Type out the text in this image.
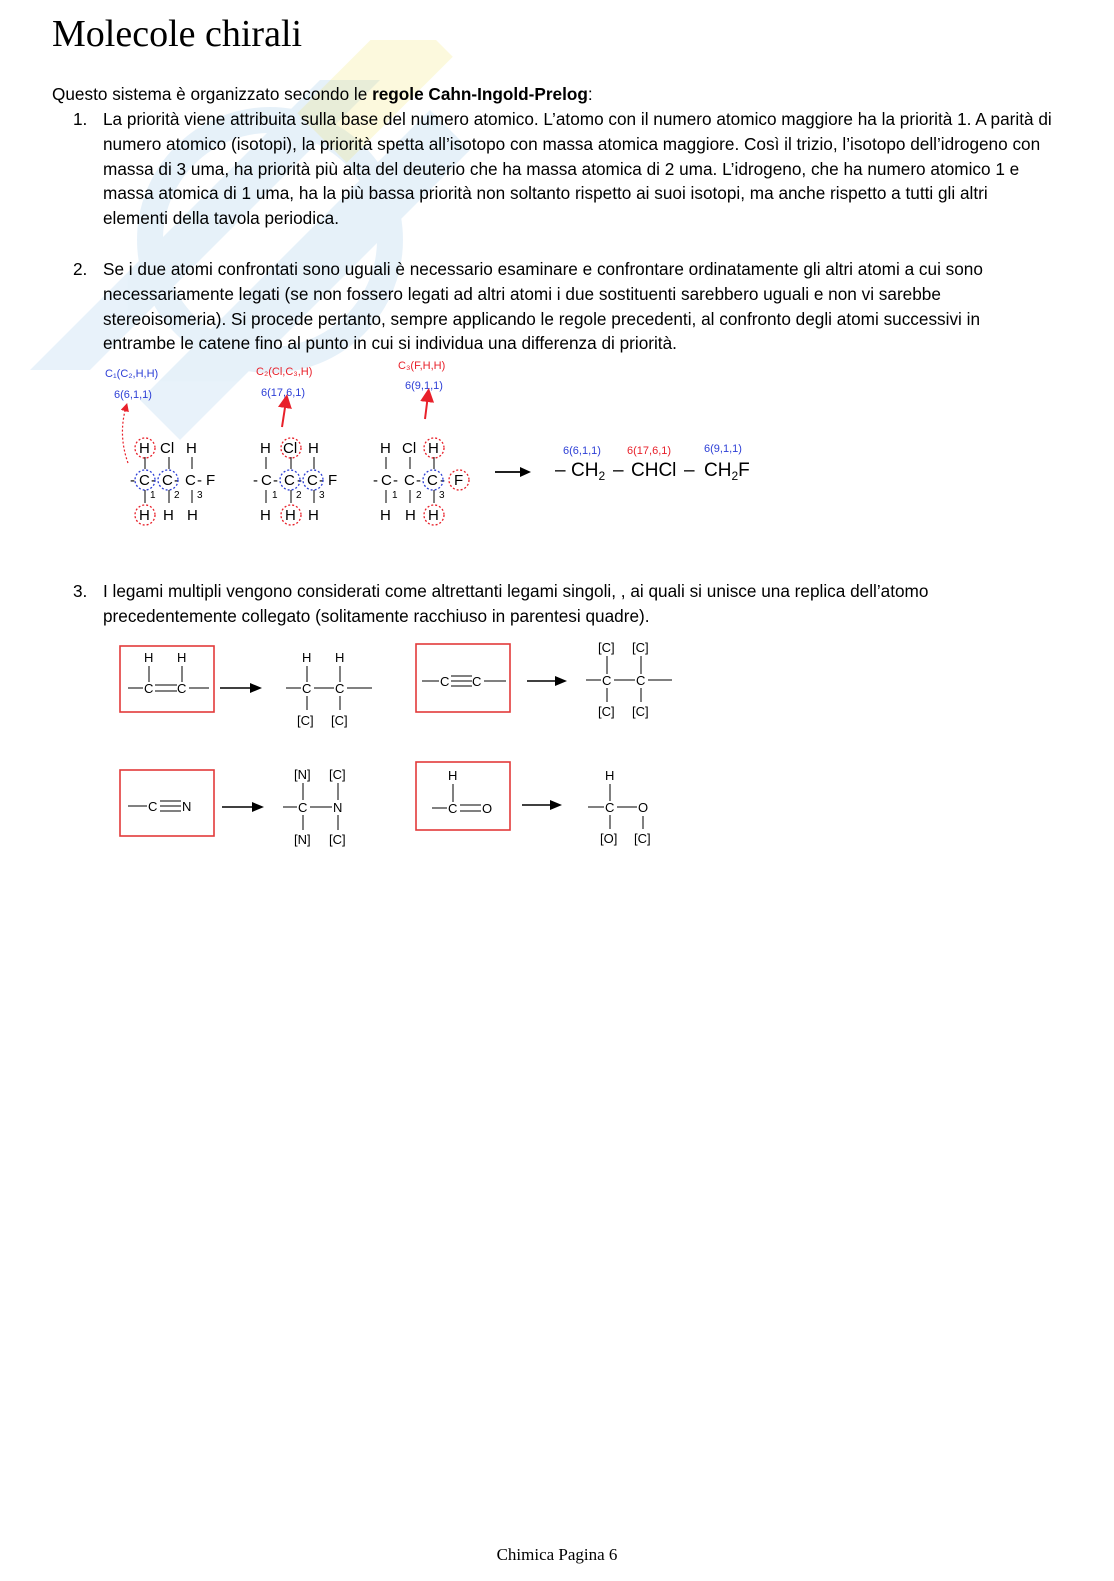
Molecole chirali

Questo sistema è organizzato secondo le regole Cahn-Ingold-Prelog:

1. La priorità viene attribuita sulla base del numero atomico. L’atomo con il numero atomico maggiore ha la priorità 1. A parità di numero atomico (isotopi), la priorità spetta all’isotopo con massa atomica maggiore. Così il trizio, l’isotopo dell’idrogeno con massa di 3 uma, ha priorità più alta del deuterio che ha massa atomica di 2 uma. L’idrogeno, che ha numero atomico 1 e massa atomica di 1 uma, ha la più bassa priorità non soltanto rispetto ai suoi isotopi, ma anche rispetto a tutti gli altri elementi della tavola periodica.
2. Se i due atomi confrontati sono uguali è necessario esaminare e confrontare ordinatamente gli altri atomi a cui sono necessariamente legati (se non fossero legati ad altri atomi i due sostituenti sarebbero uguali e non vi sarebbe stereoisomeria). Si procede pertanto, sempre applicando le regole precedenti, al confronto degli atomi successivi in entrambe le catene fino al punto in cui si individua una differenza di priorità.
C₁(C₂,H,H)
6(6,1,1)
C₂(Cl,C₃,H)
6(17,6,1)
C₃(F,H,H)
6(9,1,1)
H Cl H
- C - C - C - F
1 2 3
H H H
H Cl H
- C - C - C - F
1 2 3
H H H
H Cl H
- C - C - C - F
1 2 3
H H H
6(6,1,1) 6(17,6,1)	6(9,1,1)
– $CH_2$ – CHCl – $CH_2F$
3. I legami multipli vengono considerati come altrettanti legami singoli, , ai quali si unisce una replica dell’atomo precedentemente collegato (solitamente racchiuso in parentesi quadre).
H H
C C
H H
C C
[C] [C]
C C
[C] [C]
C C
[C] [C]
C N
[N] [C]
C N
[N] [C]
H
C O
H
C O
[O] [C]
Chimica Pagina 6
